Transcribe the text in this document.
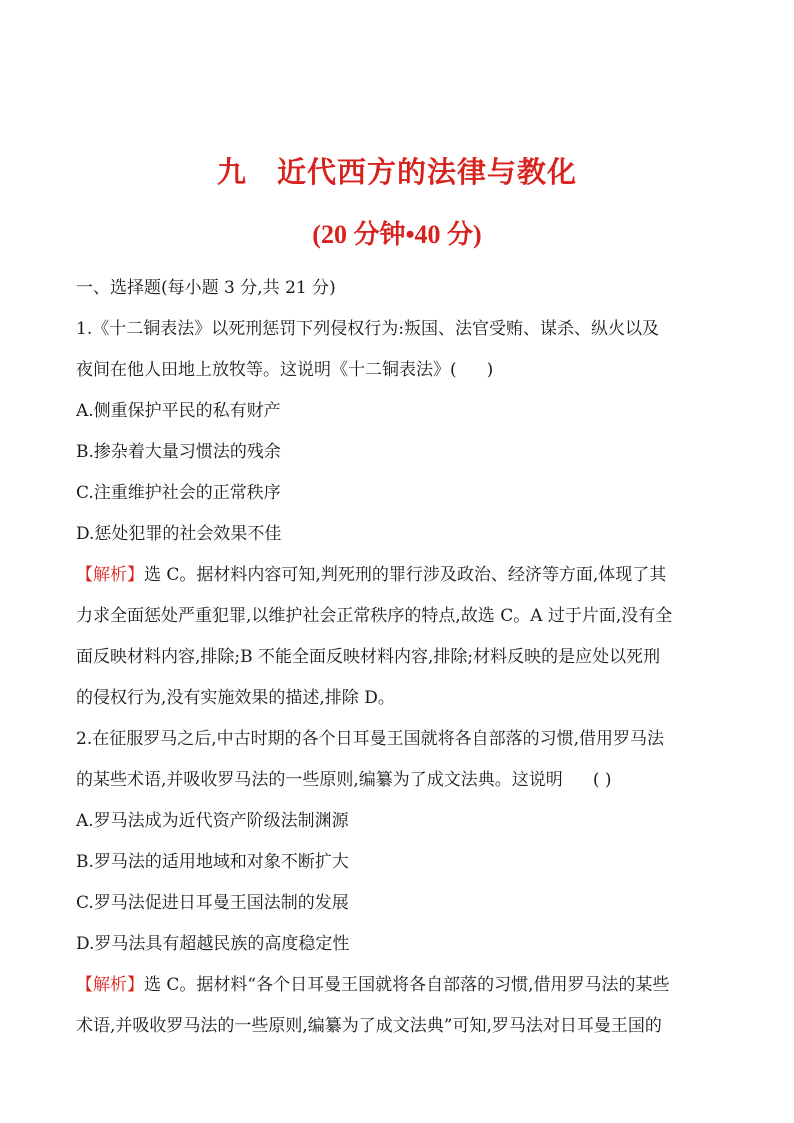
九 近代西方的法律与教化
(20 分钟•40 分)
一、选择题(每小题 3 分,共 21 分)
1.《十二铜表法》以死刑惩罚下列侵权行为:叛国、法官受贿、谋杀、纵火以及
夜间在他人田地上放牧等。这说明《十二铜表法》( )
A.侧重保护平民的私有财产
B.掺杂着大量习惯法的残余
C.注重维护社会的正常秩序
D.惩处犯罪的社会效果不佳
【解析】选 C。据材料内容可知,判死刑的罪行涉及政治、经济等方面,体现了其
力求全面惩处严重犯罪,以维护社会正常秩序的特点,故选 C。A 过于片面,没有全
面反映材料内容,排除;B 不能全面反映材料内容,排除;材料反映的是应处以死刑
的侵权行为,没有实施效果的描述,排除 D。
2.在征服罗马之后,中古时期的各个日耳曼王国就将各自部落的习惯,借用罗马法
的某些术语,并吸收罗马法的一些原则,编纂为了成文法典。这说明 ( )
A.罗马法成为近代资产阶级法制渊源
B.罗马法的适用地域和对象不断扩大
C.罗马法促进日耳曼王国法制的发展
D.罗马法具有超越民族的高度稳定性
【解析】选 C。据材料“各个日耳曼王国就将各自部落的习惯,借用罗马法的某些
术语,并吸收罗马法的一些原则,编纂为了成文法典”可知,罗马法对日耳曼王国的
